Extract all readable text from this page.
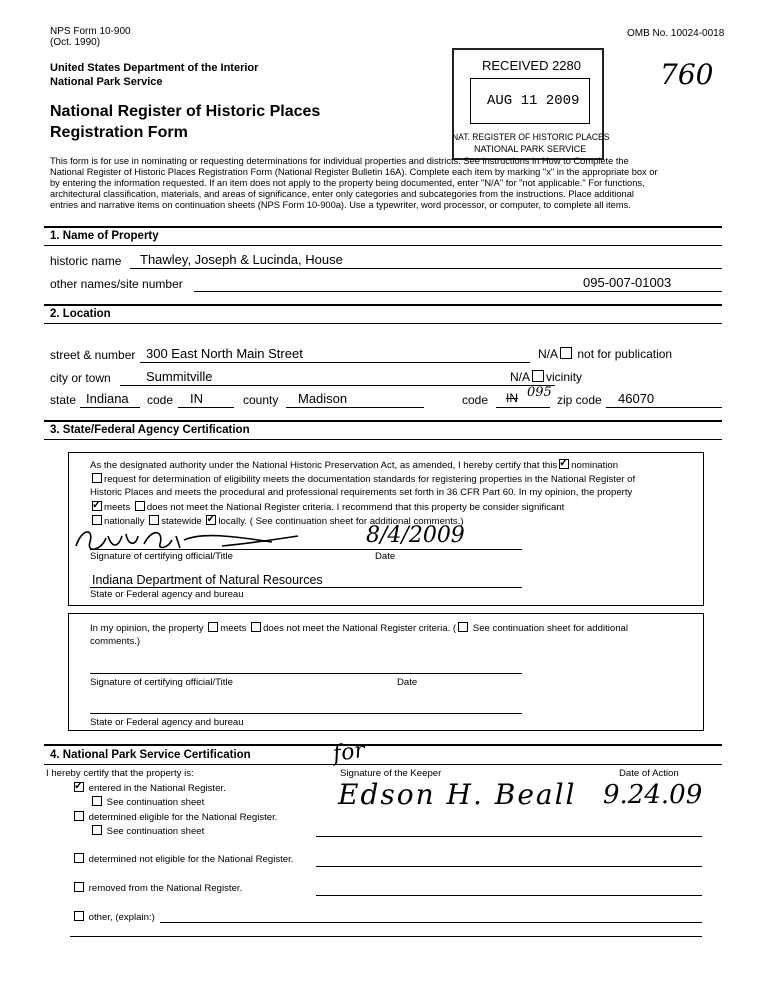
NPS Form 10-900
(Oct. 1990)
OMB No. 10024-0018
United States Department of the Interior
National Park Service
National Register of Historic Places
Registration Form
760
RECEIVED 2280
AUG 11 2009
NAT. REGISTER OF HISTORIC PLACES
NATIONAL PARK SERVICE
This form is for use in nominating or requesting determinations for individual properties and districts. See instructions in How to Complete the
National Register of Historic Places Registration Form (National Register Bulletin 16A). Complete each item by marking "x" in the appropriate box or
by entering the information requested. If an item does not apply to the property being documented, enter "N/A" for "not applicable." For functions,
architectural classification, materials, and areas of significance, enter only categories and subcategories from the instructions. Place additional
entries and narrative items on continuation sheets (NPS Form 10-900a). Use a typewriter, word processor, or computer, to complete all items.
1. Name of Property
historic name Thawley, Joseph & Lucinda, House
other names/site number	095-007-01003
2. Location
street & number 300 East North Main Street	N/A not for publication
city or town	Summitville	N/A vicinity
state Indiana code IN	county Madison	code IN 095 zip code 46070
3. State/Federal Agency Certification
As the designated authority under the National Historic Preservation Act, as amended, I hereby certify that this ✓ nomination
request for determination of eligibility meets the documentation standards for registering properties in the National Register of
Historic Places and meets the procedural and professional requirements set forth in 36 CFR Part 60. In my opinion, the property
✓meets does not meet the National Register criteria. I recommend that this property be consider significant
nationally statewide ✓ locally. ( See continuation sheet for additional comments.)
8/4/2009
Signature of certifying official/Title	Date
Indiana Department of Natural Resources
State or Federal agency and bureau
In my opinion, the property meets does not meet the National Register criteria. ( See continuation sheet for additional
comments.)
Signature of certifying official/Title	Date
State or Federal agency and bureau
4. National Park Service Certification
I hereby certify that the property is:	Signature of the Keeper	Date of Action
✓ entered in the National Register.
See continuation sheet
determined eligible for the National Register.
See continuation sheet
determined not eligible for the National Register.
removed from the National Register.
other, (explain:)
for
Edson H. Beall 9.24.09
